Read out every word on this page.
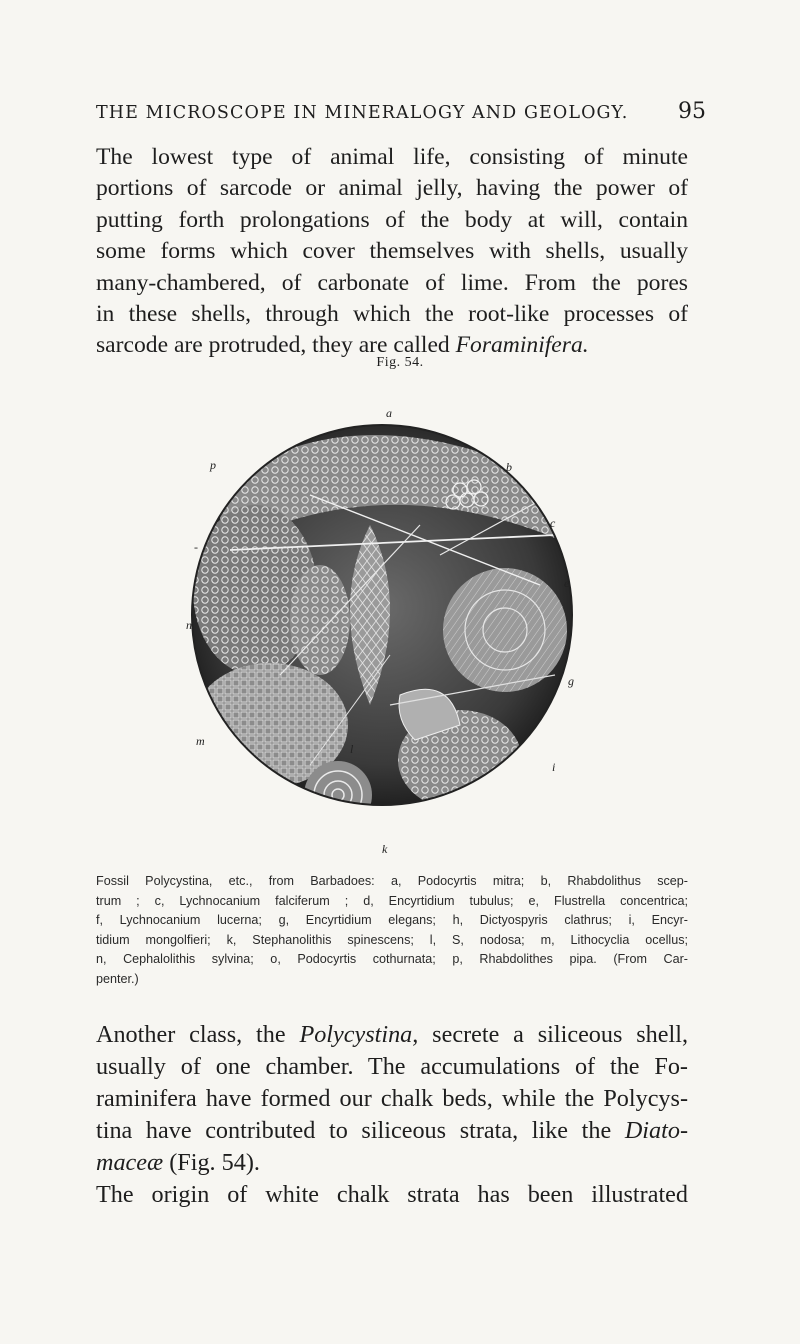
THE MICROSCOPE IN MINERALOGY AND GEOLOGY. 95
The lowest type of animal life, consisting of minute
portions of sarcode or animal jelly, having the power of
putting forth prolongations of the body at will, contain
some forms which cover themselves with shells, usually
many-chambered, of carbonate of lime. From the pores
in these shells, through which the root-like processes of
sarcode are protruded, they are called Foraminifera.
Fig. 54.
a
p	b
c
-
e
n
g
m
l
i
k
Fossil Polycystina, etc., from Barbadoes: a, Podocyrtis mitra; b, Rhabdolithus scep-
trum ; c, Lychnocanium falciferum ; d, Encyrtidium tubulus; e, Flustrella concentrica;
f, Lychnocanium lucerna; g, Encyrtidium elegans; h, Dictyospyris clathrus; i, Encyr-
tidium mongolfieri; k, Stephanolithis spinescens; l, S, nodosa; m, Lithocyclia ocellus;
n, Cephalolithis sylvina; o, Podocyrtis cothurnata; p, Rhabdolithes pipa. (From Car-
penter.)
Another class, the Polycystina, secrete a siliceous shell,
usually of one chamber. The accumulations of the Fo-
raminifera have formed our chalk beds, while the Polycys-
tina have contributed to siliceous strata, like the Diato-
maceæ (Fig. 54).
The origin of white chalk strata has been illustrated
